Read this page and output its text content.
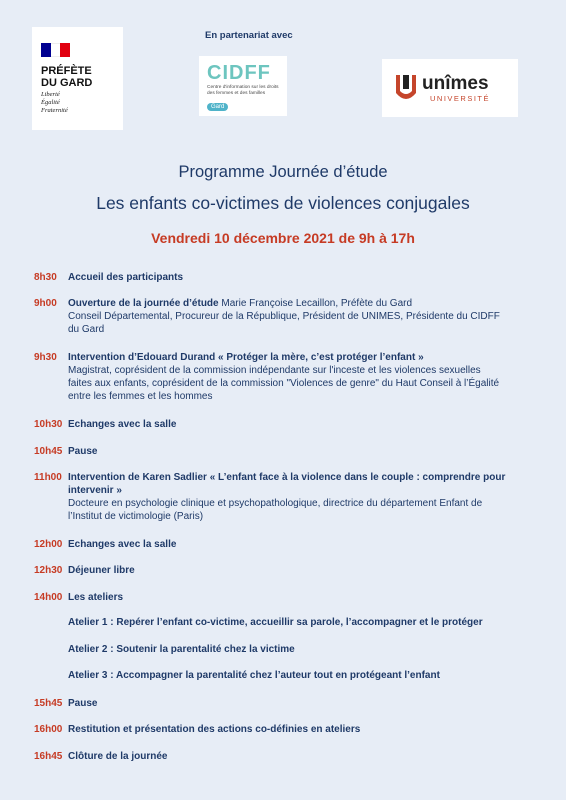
En partenariat avec
PRÉFÈTE
DU GARD
Liberté
Égalité
Fraternité
CIDFF
Centre d'information sur les droits des femmes et des familles
Gard
unîmes
UNIVERSITÉ
Programme Journée d’étude
Les enfants co-victimes de violences conjugales
Vendredi 10 décembre 2021 de 9h à 17h
8h30 Accueil des participants
9h00 Ouverture de la journée d’étude Marie Françoise Lecaillon, Préfète du Gard
Conseil Départemental, Procureur de la République, Président de UNIMES, Présidente du CIDFF
du Gard
9h30 Intervention d’Edouard Durand « Protéger la mère, c’est protéger l’enfant »
Magistrat, coprésident de la commission indépendante sur l'inceste et les violences sexuelles
faites aux enfants, coprésident de la commission "Violences de genre" du Haut Conseil à l’Égalité
entre les femmes et les hommes
10h30 Echanges avec la salle
10h45 Pause
11h00 Intervention de Karen Sadlier « L’enfant face à la violence dans le couple : comprendre pour
intervenir »
Docteure en psychologie clinique et psychopathologique, directrice du département Enfant de
l’Institut de victimologie (Paris)
12h00 Echanges avec la salle
12h30 Déjeuner libre
14h00 Les ateliers
Atelier 1 : Repérer l’enfant co-victime, accueillir sa parole, l’accompagner et le protéger
Atelier 2 : Soutenir la parentalité chez la victime
Atelier 3 : Accompagner la parentalité chez l’auteur tout en protégeant l’enfant
15h45 Pause
16h00 Restitution et présentation des actions co-définies en ateliers
16h45 Clôture de la journée
